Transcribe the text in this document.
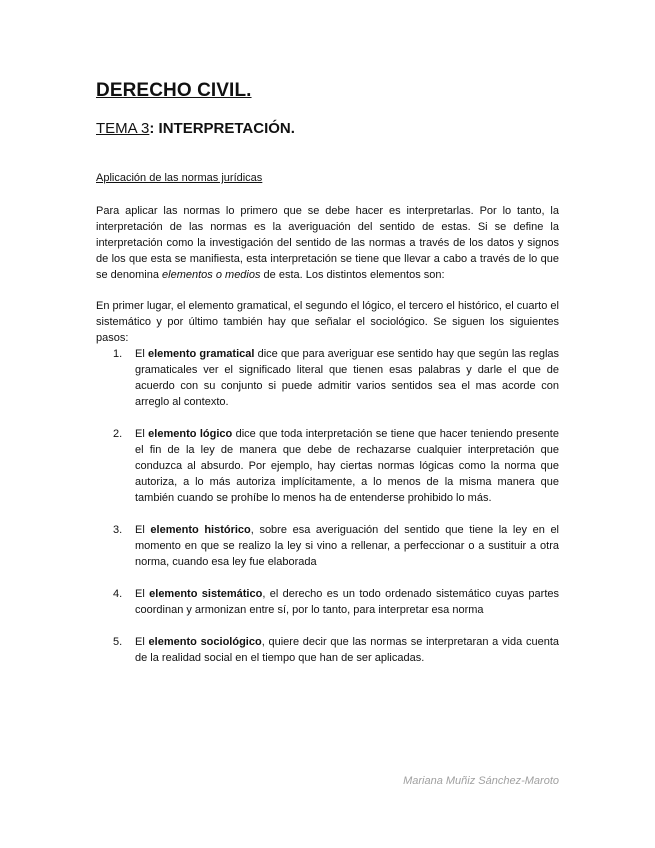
DERECHO CIVIL.
TEMA 3: INTERPRETACIÓN.

Aplicación de las normas jurídicas

Para aplicar las normas lo primero que se debe hacer es interpretarlas. Por lo tanto, la interpretación de las normas es la averiguación del sentido de estas. Si se define la interpretación como la investigación del sentido de las normas a través de los datos y signos de los que esta se manifiesta, esta interpretación se tiene que llevar a cabo a través de lo que se denomina elementos o medios de esta. Los distintos elementos son:

En primer lugar, el elemento gramatical, el segundo el lógico, el tercero el histórico, el cuarto el sistemático y por último también hay que señalar el sociológico. Se siguen los siguientes pasos:

1. El elemento gramatical dice que para averiguar ese sentido hay que según las reglas gramaticales ver el significado literal que tienen esas palabras y darle el que de acuerdo con su conjunto si puede admitir varios sentidos sea el mas acorde con arreglo al contexto.
2. El elemento lógico dice que toda interpretación se tiene que hacer teniendo presente el fin de la ley de manera que debe de rechazarse cualquier interpretación que conduzca al absurdo. Por ejemplo, hay ciertas normas lógicas como la norma que autoriza, a lo más autoriza implícitamente, a lo menos de la misma manera que también cuando se prohíbe lo menos ha de entenderse prohibido lo más.
3. El elemento histórico, sobre esa averiguación del sentido que tiene la ley en el momento en que se realizo la ley si vino a rellenar, a perfeccionar o a sustituir a otra norma, cuando esa ley fue elaborada
4. El elemento sistemático, el derecho es un todo ordenado sistemático cuyas partes coordinan y armonizan entre sí, por lo tanto, para interpretar esa norma
5. El elemento sociológico, quiere decir que las normas se interpretaran a vida cuenta de la realidad social en el tiempo que han de ser aplicadas.

Mariana Muñiz Sánchez-Maroto
